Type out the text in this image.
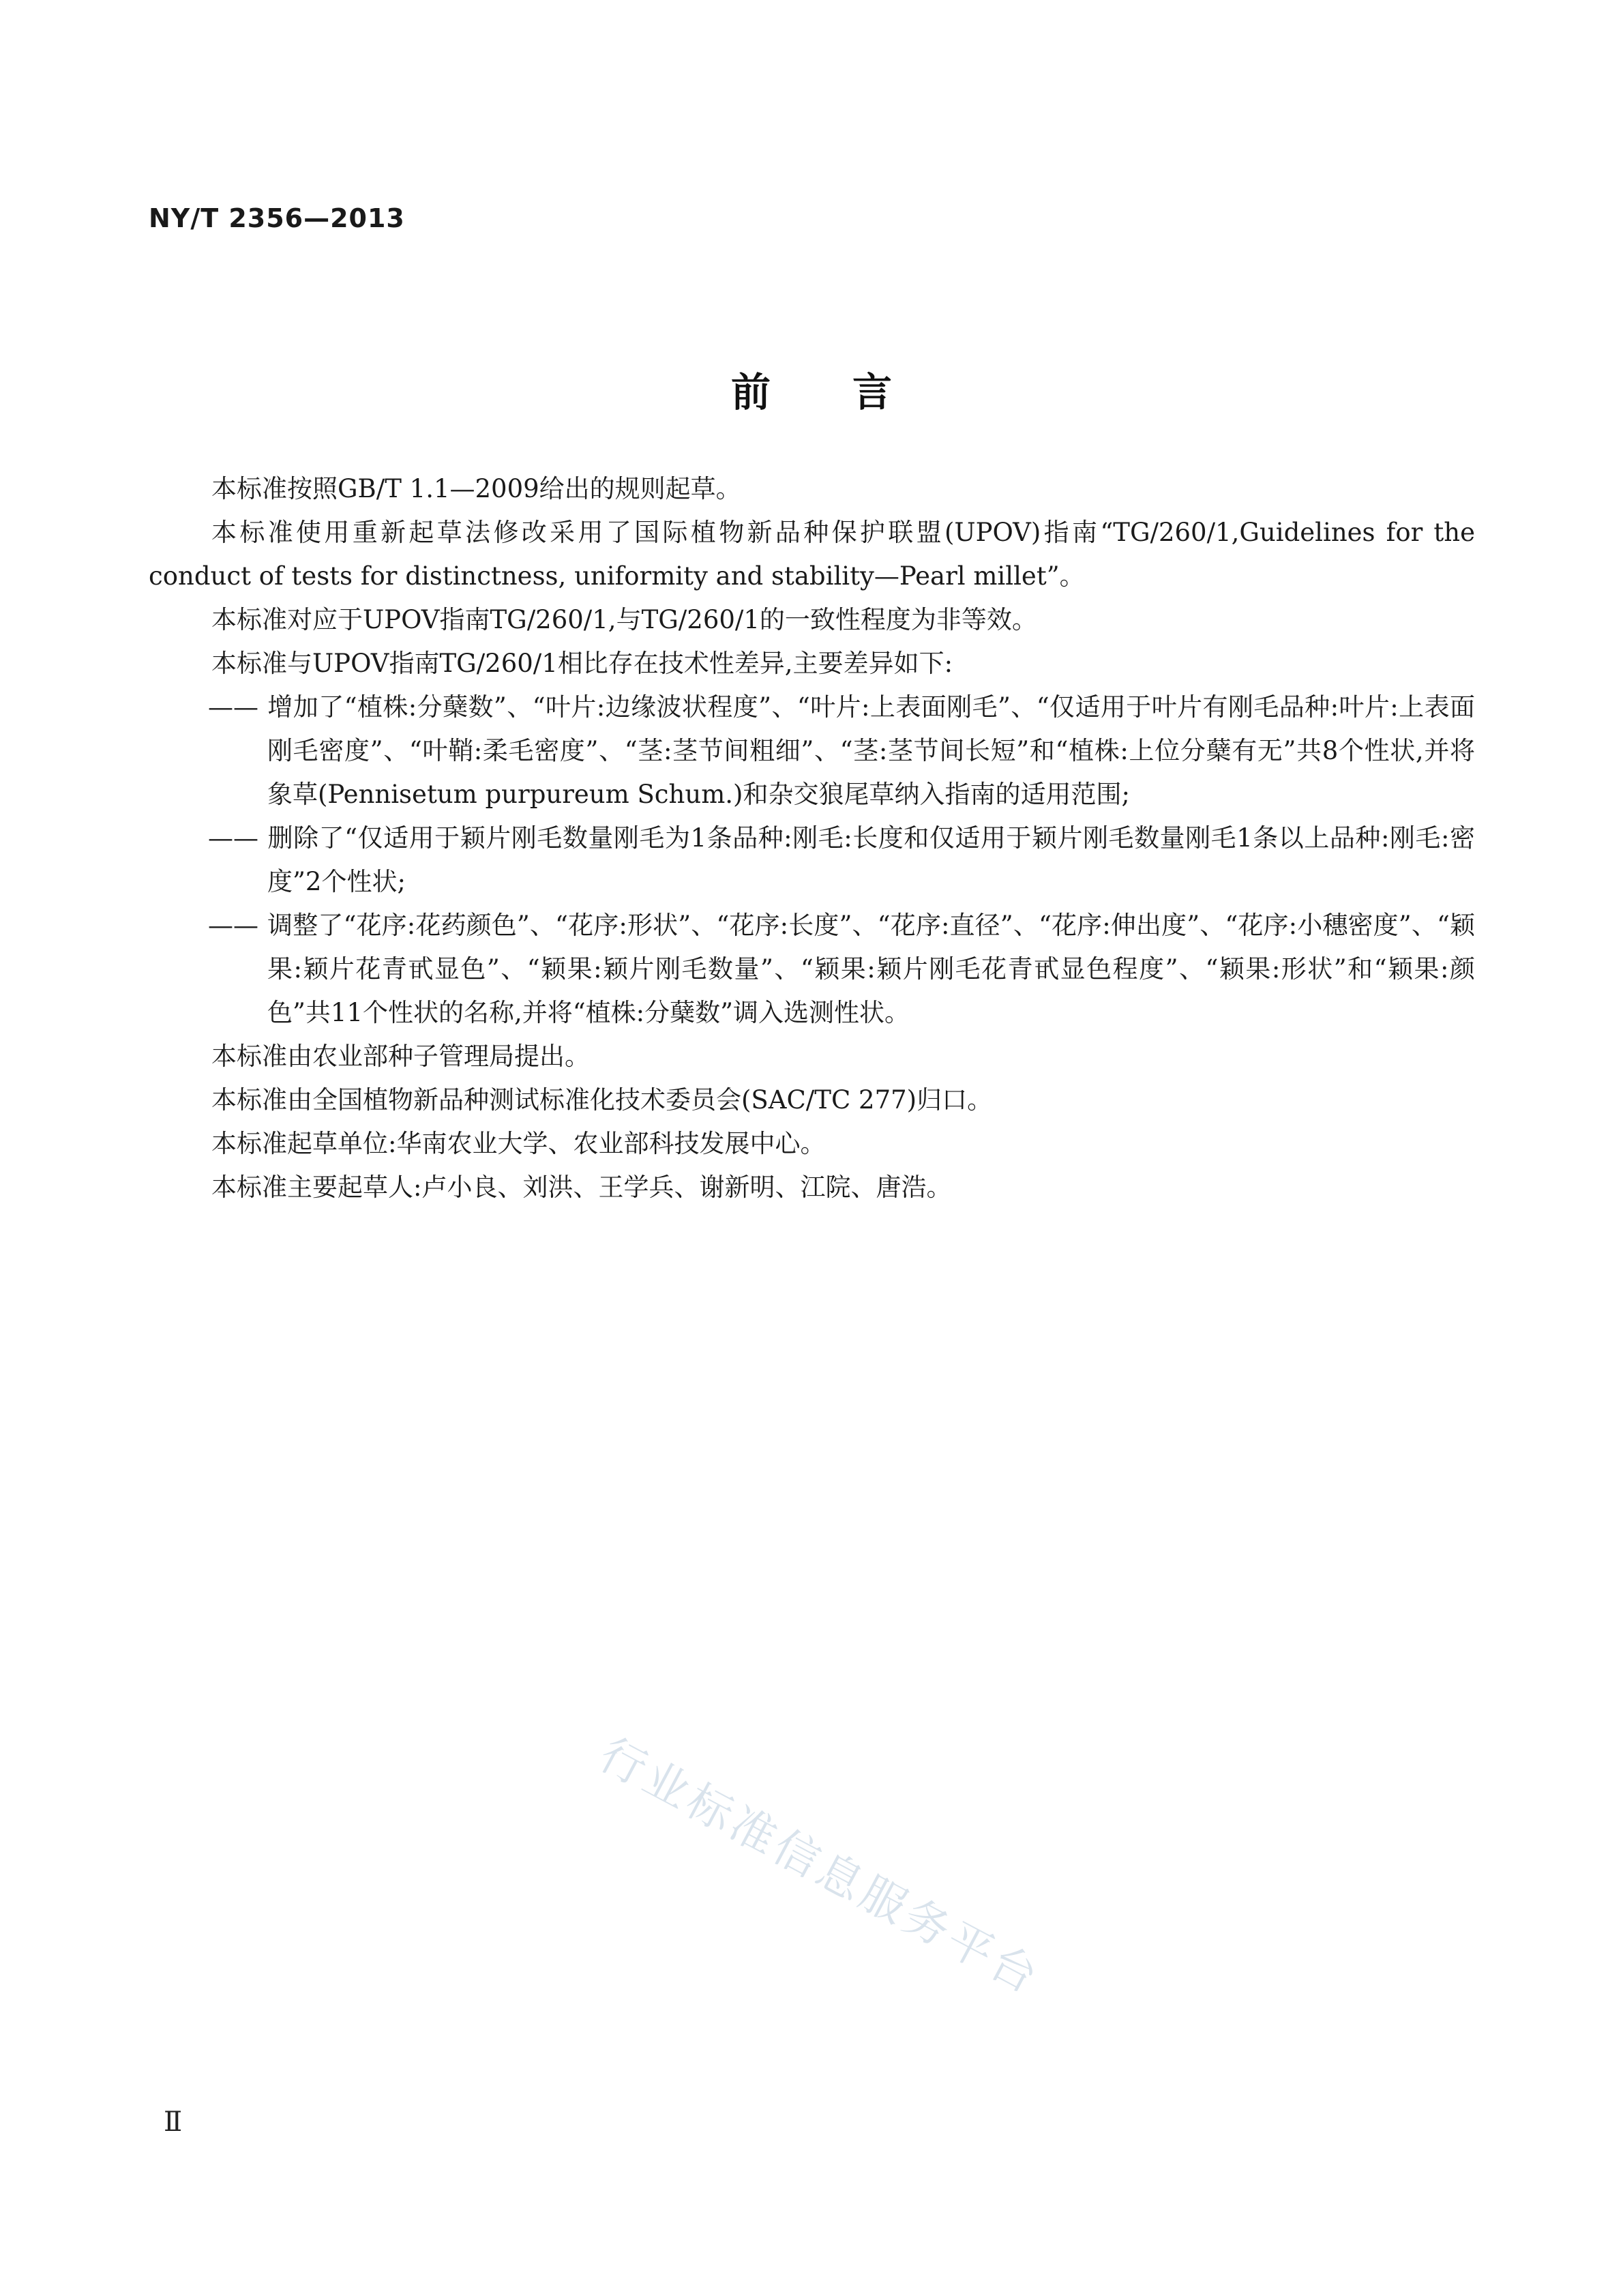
NY/T 2356—2013
前言

本标准按照GB/T 1.1—2009给出的规则起草。

本标准使用重新起草法修改采用了国际植物新品种保护联盟(UPOV)指南“TG/260/1,Guidelines for the conduct of tests for distinctness, uniformity and stability—Pearl millet”。

本标准对应于UPOV指南TG/260/1,与TG/260/1的一致性程度为非等效。

本标准与UPOV指南TG/260/1相比存在技术性差异,主要差异如下:

—— 增加了“植株:分蘖数”、“叶片:边缘波状程度”、“叶片:上表面刚毛”、“仅适用于叶片有刚毛品种:叶片:上表面刚毛密度”、“叶鞘:柔毛密度”、“茎:茎节间粗细”、“茎:茎节间长短”和“植株:上位分蘖有无”共8个性状,并将象草(Pennisetum purpureum Schum.)和杂交狼尾草纳入指南的适用范围;

—— 删除了“仅适用于颖片刚毛数量刚毛为1条品种:刚毛:长度和仅适用于颖片刚毛数量刚毛1条以上品种:刚毛:密度”2个性状;

—— 调整了“花序:花药颜色”、“花序:形状”、“花序:长度”、“花序:直径”、“花序:伸出度”、“花序:小穗密度”、“颖果:颖片花青甙显色”、“颖果:颖片刚毛数量”、“颖果:颖片刚毛花青甙显色程度”、“颖果:形状”和“颖果:颜色”共11个性状的名称,并将“植株:分蘖数”调入选测性状。

本标准由农业部种子管理局提出。

本标准由全国植物新品种测试标准化技术委员会(SAC/TC 277)归口。

本标准起草单位:华南农业大学、农业部科技发展中心。

本标准主要起草人:卢小良、刘洪、王学兵、谢新明、江院、唐浩。

行业标准信息服务平台
Ⅱ
